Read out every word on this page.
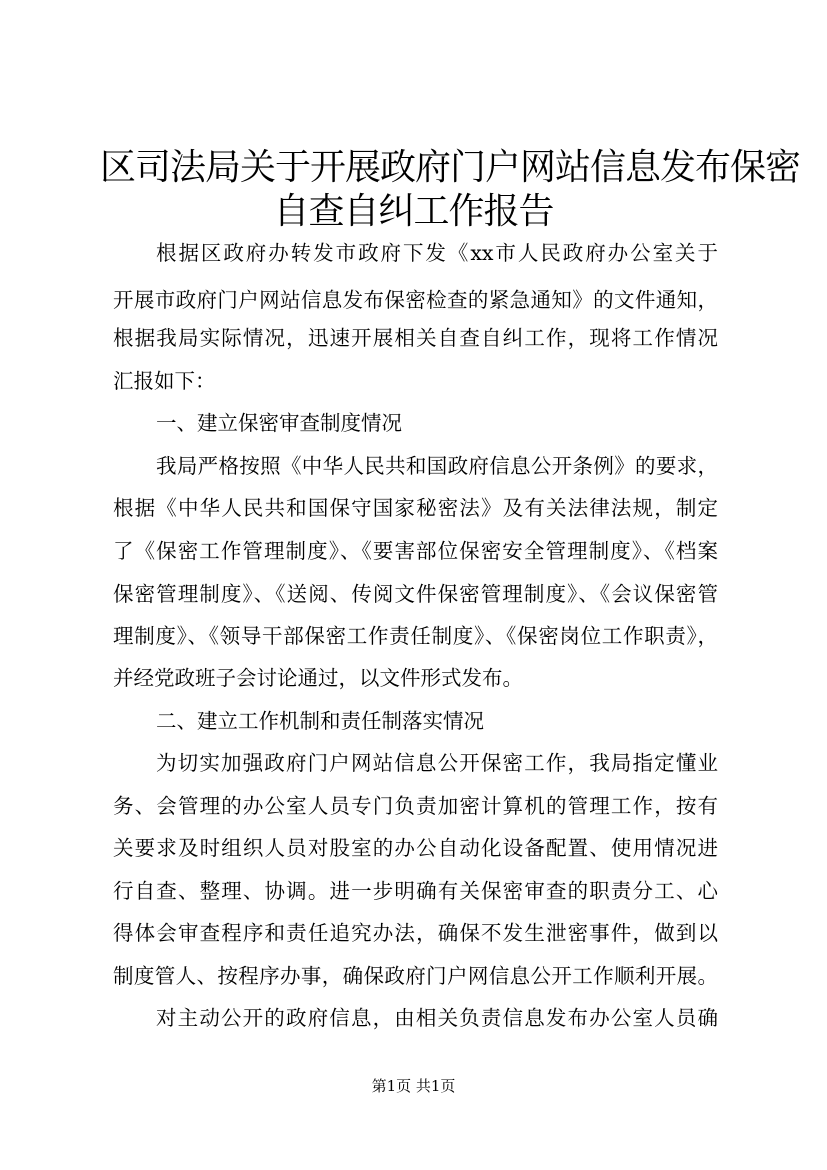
区司法局关于开展政府门户网站信息发布保密
自查自纠工作报告
根据区政府办转发市政府下发《xx市人民政府办公室关于
开展市政府门户网站信息发布保密检查的紧急通知》的文件通知，
根据我局实际情况，迅速开展相关自查自纠工作，现将工作情况
汇报如下：
一、建立保密审查制度情况
我局严格按照《中华人民共和国政府信息公开条例》的要求，
根据《中华人民共和国保守国家秘密法》及有关法律法规，制定
了《保密工作管理制度》、《要害部位保密安全管理制度》、《档案
保密管理制度》、《送阅、传阅文件保密管理制度》、《会议保密管
理制度》、《领导干部保密工作责任制度》、《保密岗位工作职责》，
并经党政班子会讨论通过，以文件形式发布。
二、建立工作机制和责任制落实情况
为切实加强政府门户网站信息公开保密工作，我局指定懂业
务、会管理的办公室人员专门负责加密计算机的管理工作，按有
关要求及时组织人员对股室的办公自动化设备配置、使用情况进
行自查、整理、协调。进一步明确有关保密审查的职责分工、心
得体会审查程序和责任追究办法，确保不发生泄密事件，做到以
制度管人、按程序办事，确保政府门户网信息公开工作顺利开展。
对主动公开的政府信息，由相关负责信息发布办公室人员确
第1页 共1页
